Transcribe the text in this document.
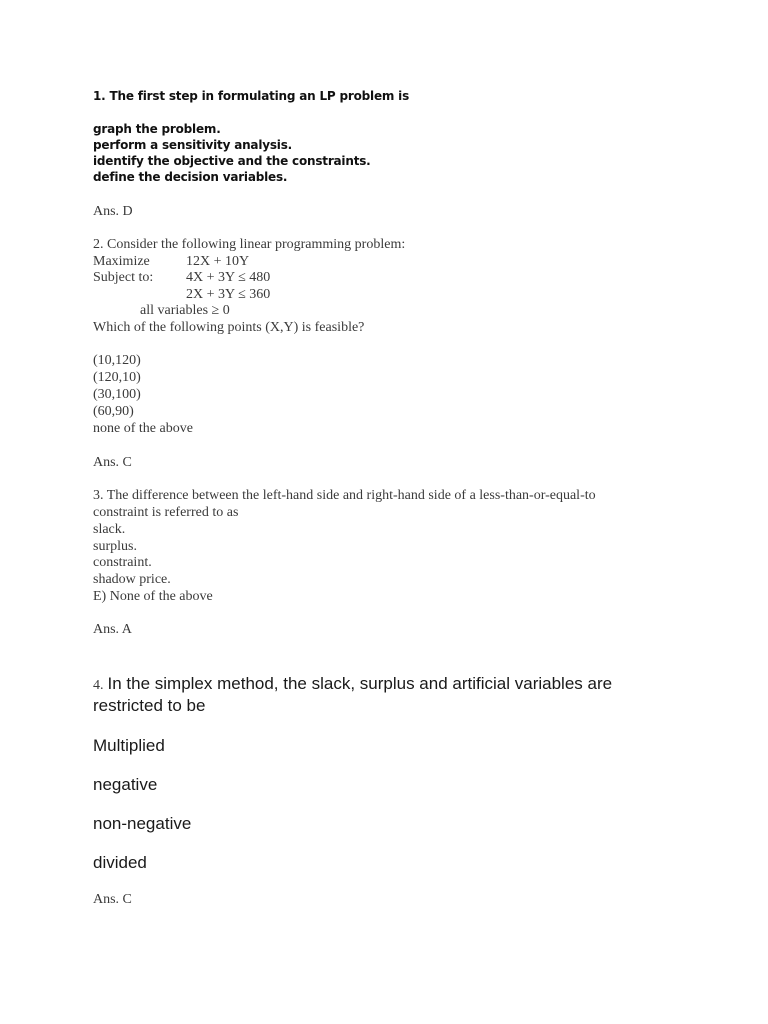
1. The first step in formulating an LP problem is

graph the problem.

perform a sensitivity analysis.

identify the objective and the constraints.

define the decision variables.

Ans. D

2. Consider the following linear programming problem:

Maximize	12X + 10Y
Subject to: 4X + 3Y ≤ 480
2X + 3Y ≤ 360
all variables ≥ 0

Which of the following points (X,Y) is feasible?

(10,120)

(120,10)

(30,100)

(60,90)

none of the above

Ans. C

3. The difference between the left-hand side and right-hand side of a less-than-or-equal-to

constraint is referred to as

slack.

surplus.

constraint.

shadow price.

E) None of the above

Ans. A

4. In the simplex method, the slack, surplus and artificial variables are

restricted to be

Multiplied

negative

non-negative

divided

Ans. C
